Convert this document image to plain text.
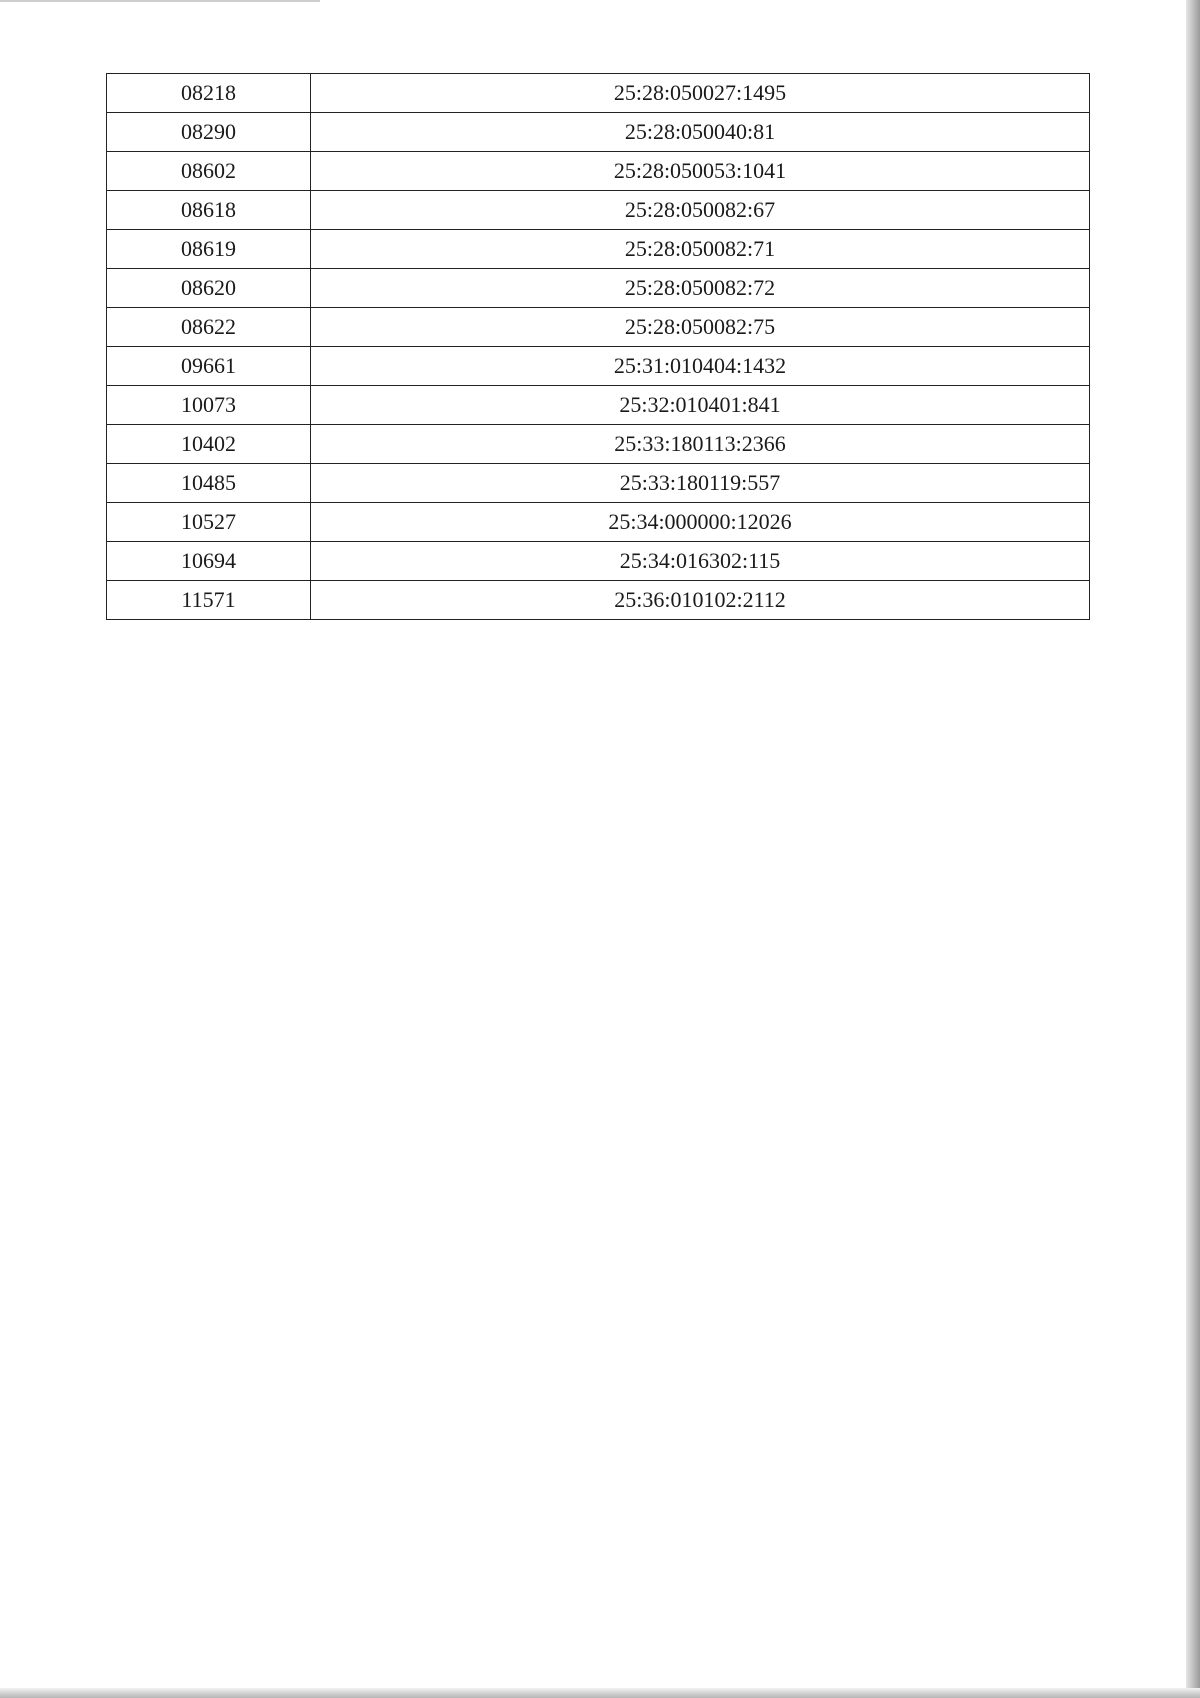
08218	25:28:050027:1495
08290	25:28:050040:81
08602	25:28:050053:1041
08618	25:28:050082:67
08619	25:28:050082:71
08620	25:28:050082:72
08622	25:28:050082:75
09661	25:31:010404:1432
10073	25:32:010401:841
10402	25:33:180113:2366
10485	25:33:180119:557
10527	25:34:000000:12026
10694	25:34:016302:115
11571	25:36:010102:2112
